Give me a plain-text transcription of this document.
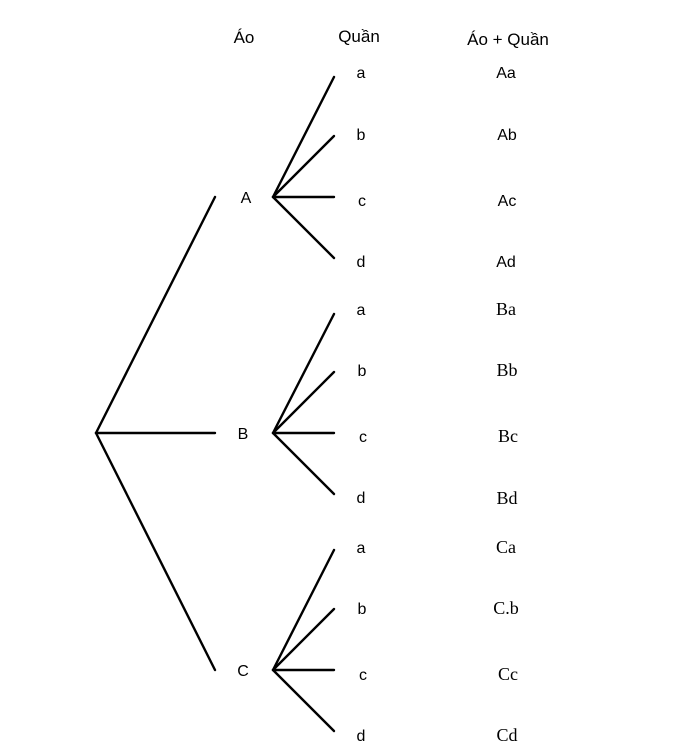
Áo	Quần	Áo + Quần
A
a
b
c
d
Aa
Ab
Ac
Ad
B
a
b
c
d
Ba
Bb
Bc
Bd
C
a
b
c
d
Ca
C.b
Cc
Cd
